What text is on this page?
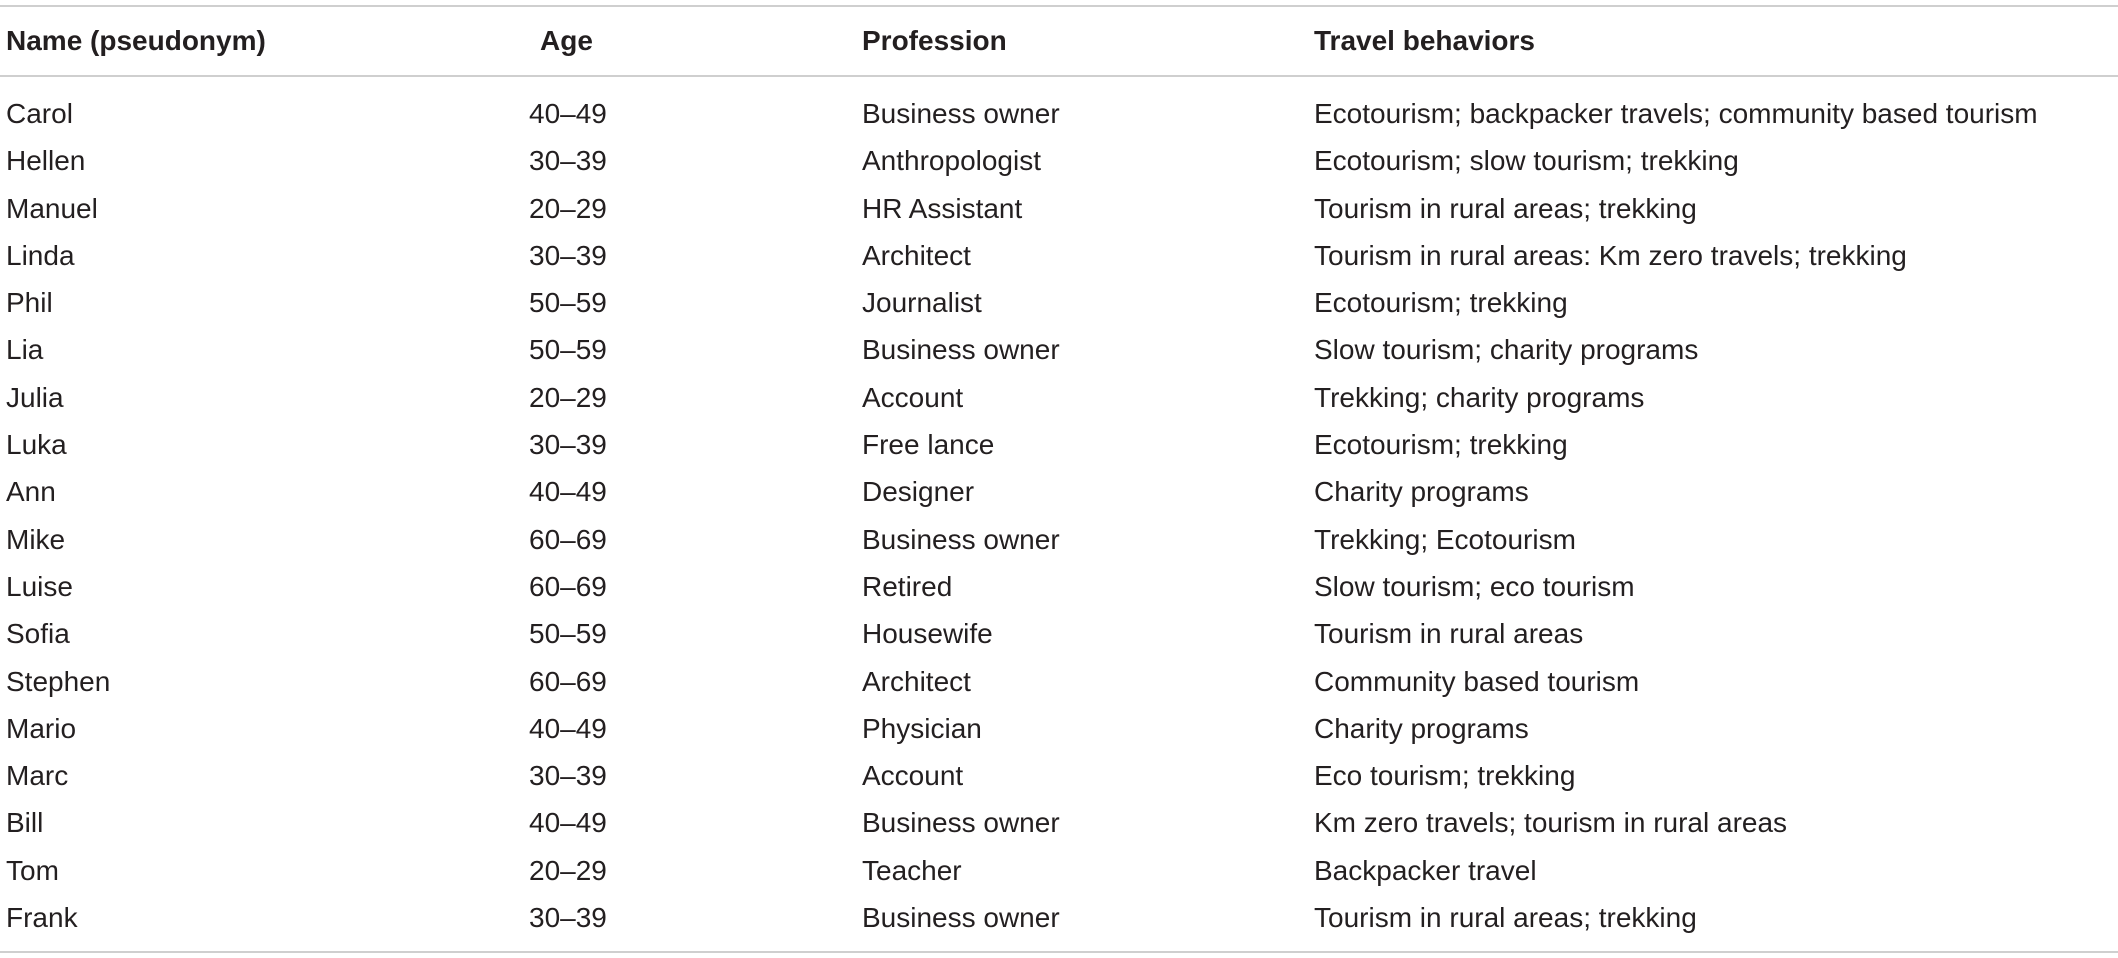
Name (pseudonym)	Age	Profession	Travel behaviors
Carol	40–49	Business owner	Ecotourism; backpacker travels; community based tourism
Hellen	30–39	Anthropologist	Ecotourism; slow tourism; trekking
Manuel	20–29	HR Assistant	Tourism in rural areas; trekking
Linda	30–39	Architect	Tourism in rural areas: Km zero travels; trekking
Phil	50–59	Journalist	Ecotourism; trekking
Lia	50–59	Business owner	Slow tourism; charity programs
Julia	20–29	Account	Trekking; charity programs
Luka	30–39	Free lance	Ecotourism; trekking
Ann	40–49	Designer	Charity programs
Mike	60–69	Business owner	Trekking; Ecotourism
Luise	60–69	Retired	Slow tourism; eco tourism
Sofia	50–59	Housewife	Tourism in rural areas
Stephen	60–69	Architect	Community based tourism
Mario	40–49	Physician	Charity programs
Marc	30–39	Account	Eco tourism; trekking
Bill	40–49	Business owner	Km zero travels; tourism in rural areas
Tom	20–29	Teacher	Backpacker travel
Frank	30–39	Business owner	Tourism in rural areas; trekking
